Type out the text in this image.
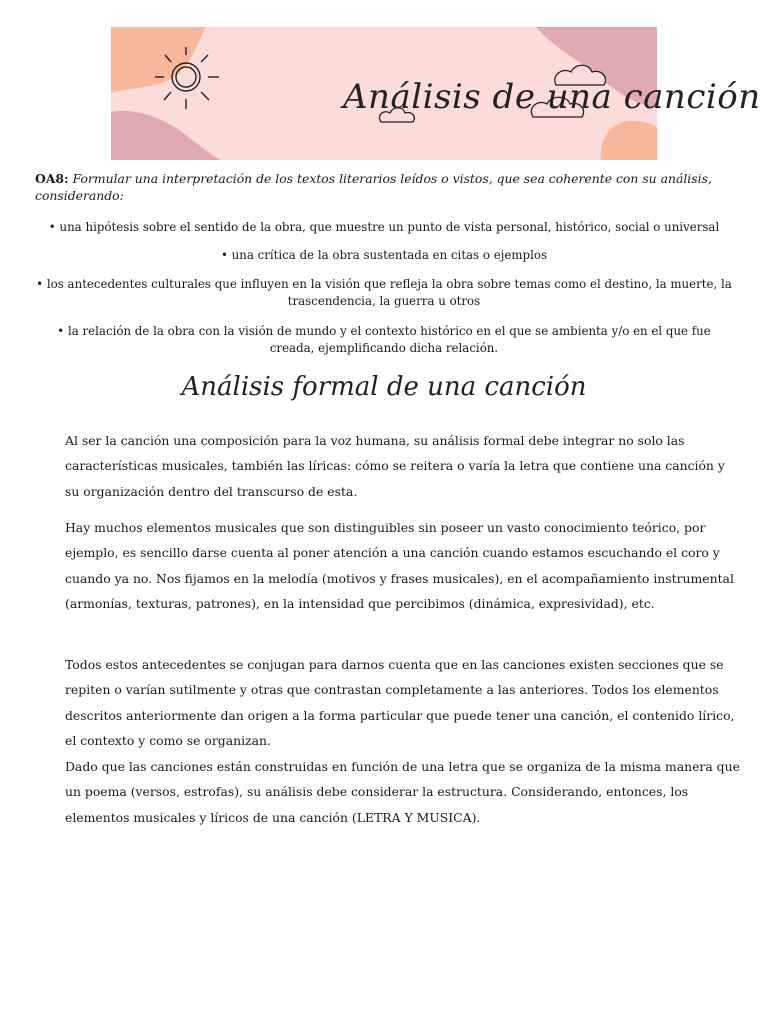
Análisis de una canción
OA8: Formular una interpretación de los textos literarios leídos o vistos, que sea coherente con su análisis, considerando:
• una hipótesis sobre el sentido de la obra, que muestre un punto de vista personal, histórico, social o universal
• una crítica de la obra sustentada en citas o ejemplos
• los antecedentes culturales que influyen en la visión que refleja la obra sobre temas como el destino, la muerte, la trascendencia, la guerra u otros
• la relación de la obra con la visión de mundo y el contexto histórico en el que se ambienta y/o en el que fue creada, ejemplificando dicha relación.
Análisis formal de una canción

Al ser la canción una composición para la voz humana, su análisis formal debe integrar no solo las características musicales, también las líricas: cómo se reitera o varía la letra que contiene una canción y su organización dentro del transcurso de esta.

Hay muchos elementos musicales que son distinguibles sin poseer un vasto conocimiento teórico, por ejemplo, es sencillo darse cuenta al poner atención a una canción cuando estamos escuchando el coro y cuando ya no. Nos fijamos en la melodía (motivos y frases musicales), en el acompañamiento instrumental (armonías, texturas, patrones), en la intensidad que percibimos (dinámica, expresividad), etc.

Todos estos antecedentes se conjugan para darnos cuenta que en las canciones existen secciones que se repiten o varían sutilmente y otras que contrastan completamente a las anteriores. Todos los elementos descritos anteriormente dan origen a la forma particular que puede tener una canción, el contenido lírico, el contexto y como se organizan.

Dado que las canciones están construidas en función de una letra que se organiza de la misma manera que un poema (versos, estrofas), su análisis debe considerar la estructura. Considerando, entonces, los elementos musicales y líricos de una canción (LETRA Y MUSICA).
